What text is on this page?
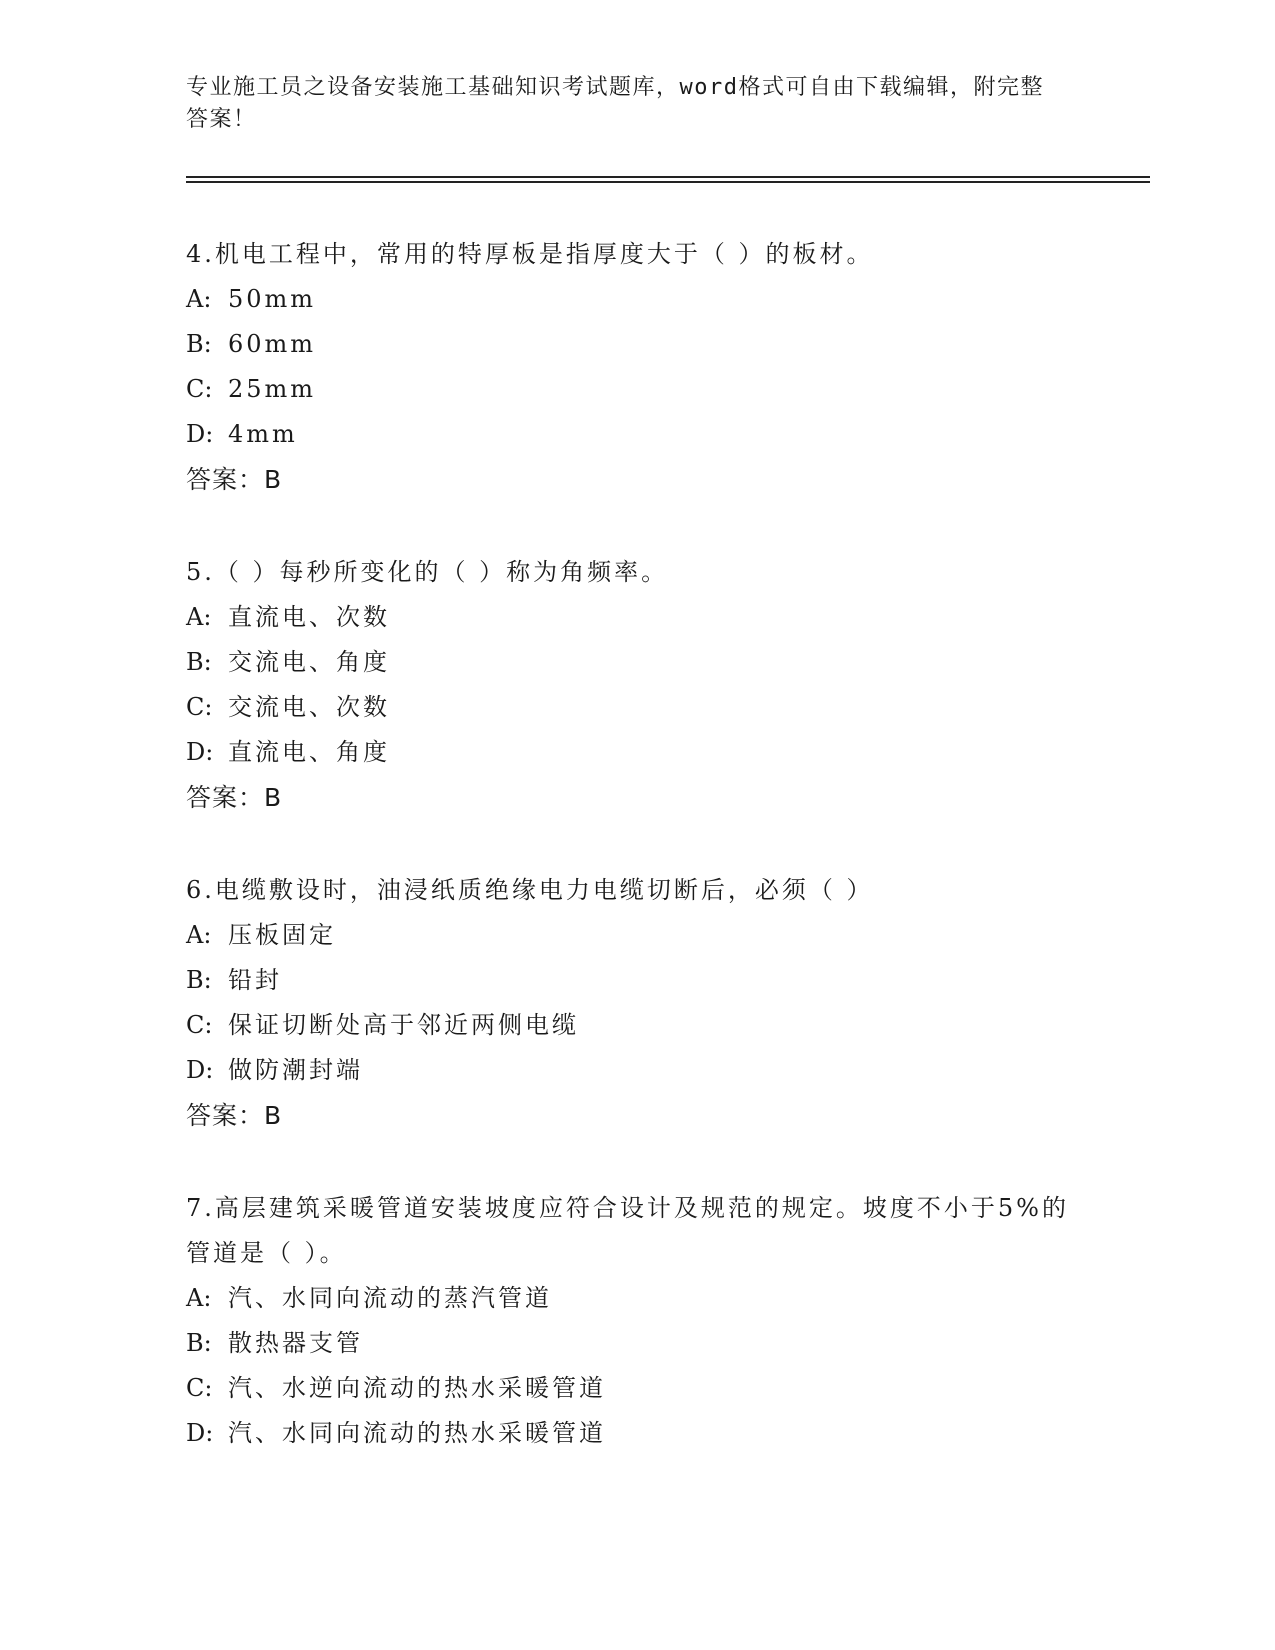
专业施工员之设备安装施工基础知识考试题库，word格式可自由下载编辑，附完整答案！

4.机电工程中，常用的特厚板是指厚度大于（ ）的板材。

A: 50mm

B: 60mm

C: 25mm

D: 4mm

答案：B

5.（ ）每秒所变化的（ ）称为角频率。

A: 直流电、次数

B: 交流电、角度

C: 交流电、次数

D: 直流电、角度

答案：B

6.电缆敷设时，油浸纸质绝缘电力电缆切断后，必须（ ）

A: 压板固定

B: 铅封

C: 保证切断处高于邻近两侧电缆

D: 做防潮封端

答案：B

7.高层建筑采暖管道安装坡度应符合设计及规范的规定。坡度不小于5%的管道是（ ）。

A: 汽、水同向流动的蒸汽管道

B: 散热器支管

C: 汽、水逆向流动的热水采暖管道

D: 汽、水同向流动的热水采暖管道
